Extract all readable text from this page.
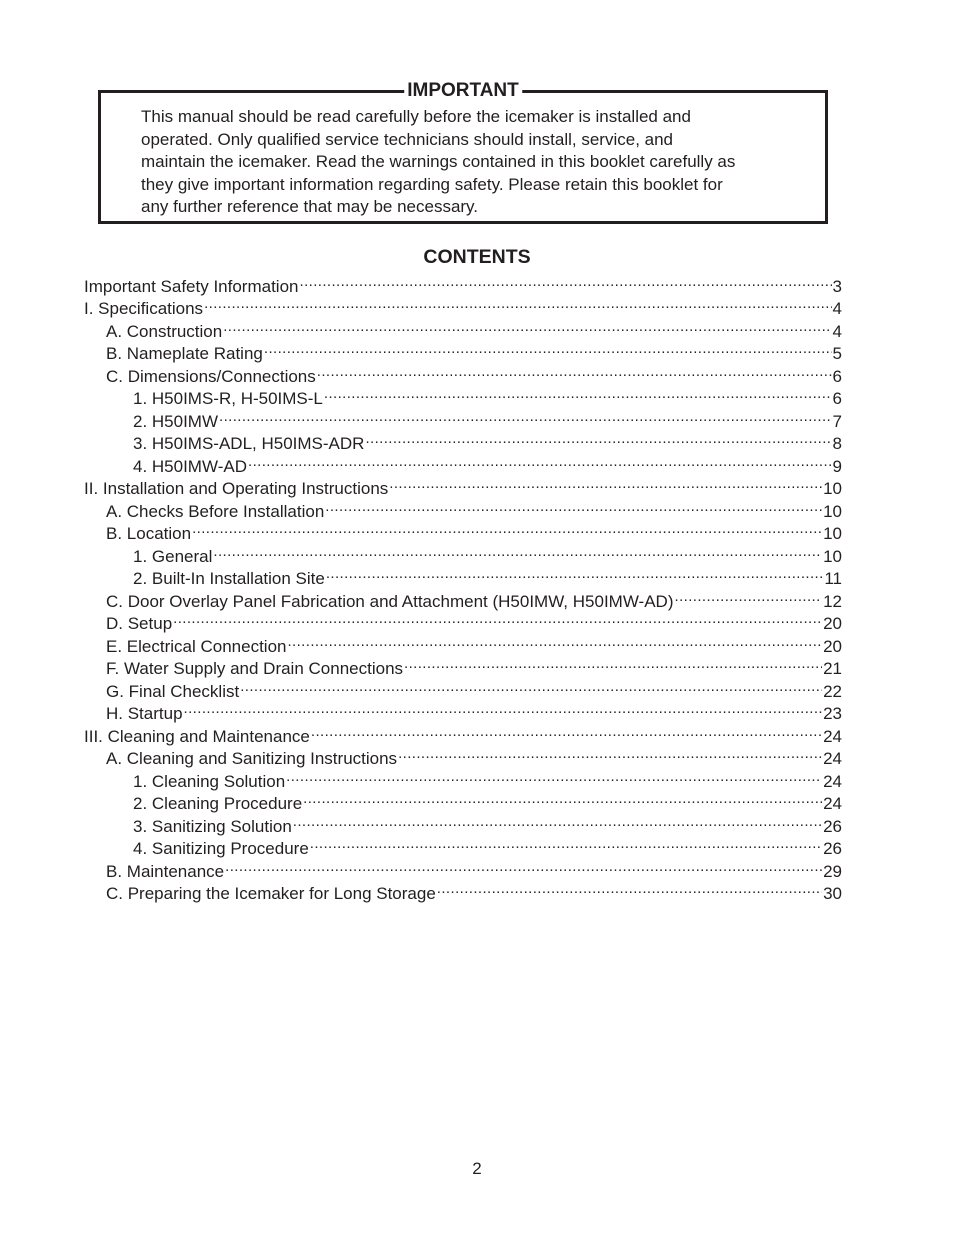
IMPORTANT
This manual should be read carefully before the icemaker is installed and
operated. Only qualified service technicians should install, service, and
maintain the icemaker. Read the warnings contained in this booklet carefully as
they give important information regarding safety. Please retain this booklet for
any further reference that may be necessary.
CONTENTS
Important Safety Information .....	3
I. Specifications .....	4
A. Construction .....	4
B. Nameplate Rating .....	5
C. Dimensions/Connections .....	6
1. H50IMS-R, H-50IMS-L .....	6
2. H50IMW .....	7
3. H50IMS-ADL, H50IMS-ADR .....	8
4. H50IMW-AD .....	9
II. Installation and Operating Instructions .....	10
A. Checks Before Installation .....	10
B. Location .....	10
1. General .....	10
2. Built-In Installation Site .....	11
C. Door Overlay Panel Fabrication and Attachment (H50IMW, H50IMW-AD) .....	12
D. Setup .....	20
E. Electrical Connection .....	20
F. Water Supply and Drain Connections .....	21
G. Final Checklist .....	22
H. Startup .....	23
III. Cleaning and Maintenance .....	24
A. Cleaning and Sanitizing Instructions .....	24
1. Cleaning Solution .....	24
2. Cleaning Procedure .....	24
3. Sanitizing Solution .....	26
4. Sanitizing Procedure .....	26
B. Maintenance .....	29
C. Preparing the Icemaker for Long Storage .....	30
2
